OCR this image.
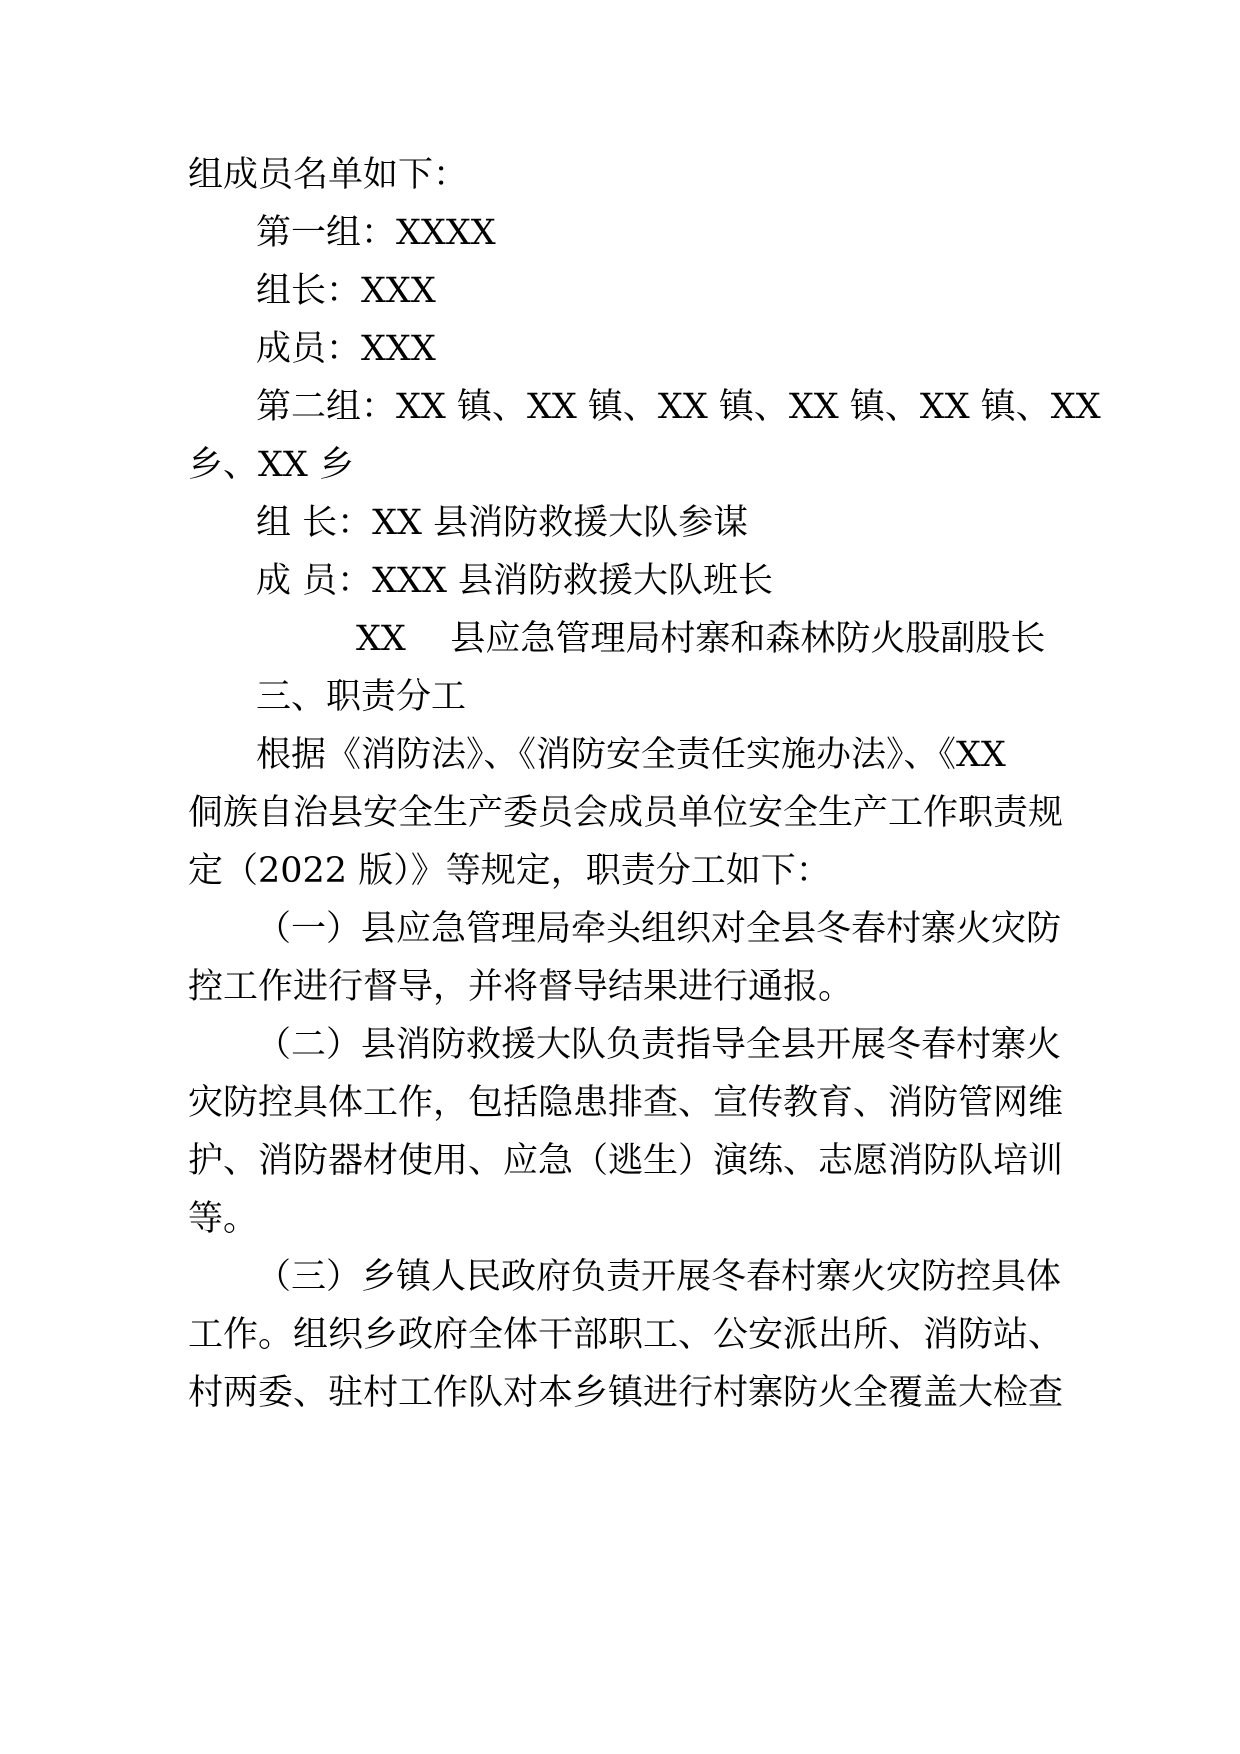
组成员名单如下：
第一组：XXXX
组长：XXX
成员：XXX
第二组：XX 镇、XX 镇、XX 镇、XX 镇、XX 镇、XX
乡、XX 乡
组 长：XX 县消防救援大队参谋
成 员：XXX 县消防救援大队班长
XX    县应急管理局村寨和森林防火股副股长
三、职责分工
根据《消防法》、《消防安全责任实施办法》、《XX
侗族自治县安全生产委员会成员单位安全生产工作职责规
定（2022 版）》等规定，职责分工如下：
（一）县应急管理局牵头组织对全县冬春村寨火灾防
控工作进行督导，并将督导结果进行通报。
（二）县消防救援大队负责指导全县开展冬春村寨火
灾防控具体工作，包括隐患排查、宣传教育、消防管网维
护、消防器材使用、应急（逃生）演练、志愿消防队培训
等。
（三）乡镇人民政府负责开展冬春村寨火灾防控具体
工作。组织乡政府全体干部职工、公安派出所、消防站、
村两委、驻村工作队对本乡镇进行村寨防火全覆盖大检查
